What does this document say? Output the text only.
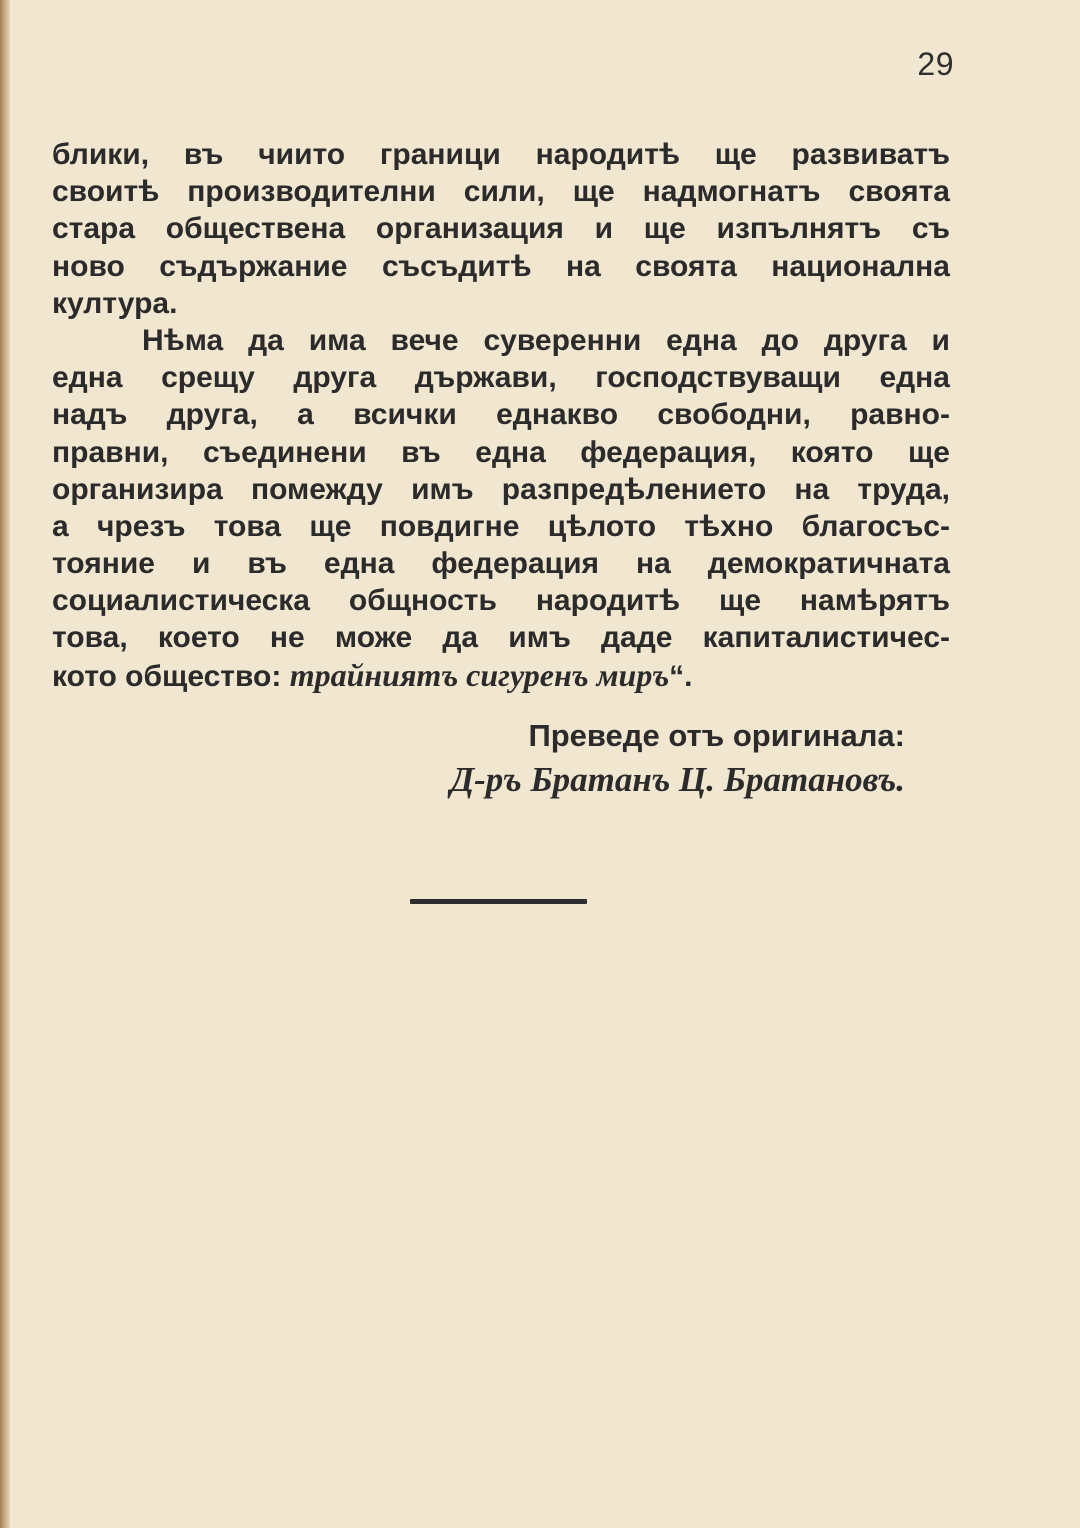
29
блики, въ чиито граници народитѣ ще развиватъ
своитѣ производителни сили, ще надмогнатъ своята
стара обществена организация и ще изпълнятъ съ
ново съдържание съсъдитѣ на своята национална
култура.
Нѣма да има вече суверенни една до друга и
една срещу друга държави, господствуващи една
надъ друга, а всички еднакво свободни, равно-
правни, съединени въ една федерация, която ще
организира помежду имъ разпредѣлението на труда,
а чрезъ това ще повдигне цѣлото тѣхно благосъс-
тояние и въ една федерация на демократичната
социалистическа общность народитѣ ще намѣрятъ
това, което не може да имъ даде капиталистичес-
кото общество: трайниятъ сигуренъ миръ“.
Преведе отъ оригинала:
Д-ръ Братанъ Ц. Братановъ.
